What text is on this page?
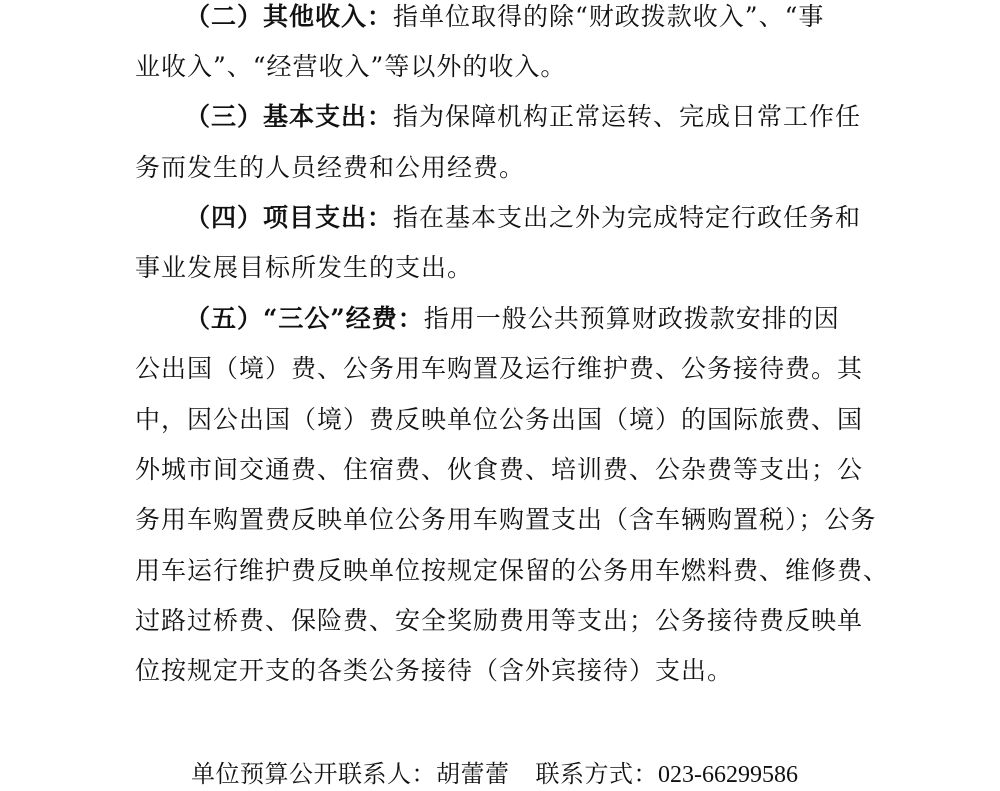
（二）其他收入：指单位取得的除“财政拨款收入”、“事
业收入”、“经营收入”等以外的收入。
（三）基本支出：指为保障机构正常运转、完成日常工作任
务而发生的人员经费和公用经费。
（四）项目支出：指在基本支出之外为完成特定行政任务和
事业发展目标所发生的支出。
（五）“三公”经费：指用一般公共预算财政拨款安排的因
公出国（境）费、公务用车购置及运行维护费、公务接待费。其
中，因公出国（境）费反映单位公务出国（境）的国际旅费、国
外城市间交通费、住宿费、伙食费、培训费、公杂费等支出；公
务用车购置费反映单位公务用车购置支出（含车辆购置税）；公务
用车运行维护费反映单位按规定保留的公务用车燃料费、维修费、
过路过桥费、保险费、安全奖励费用等支出；公务接待费反映单
位按规定开支的各类公务接待（含外宾接待）支出。
单位预算公开联系人：胡蕾蕾 联系方式：023-66299586
